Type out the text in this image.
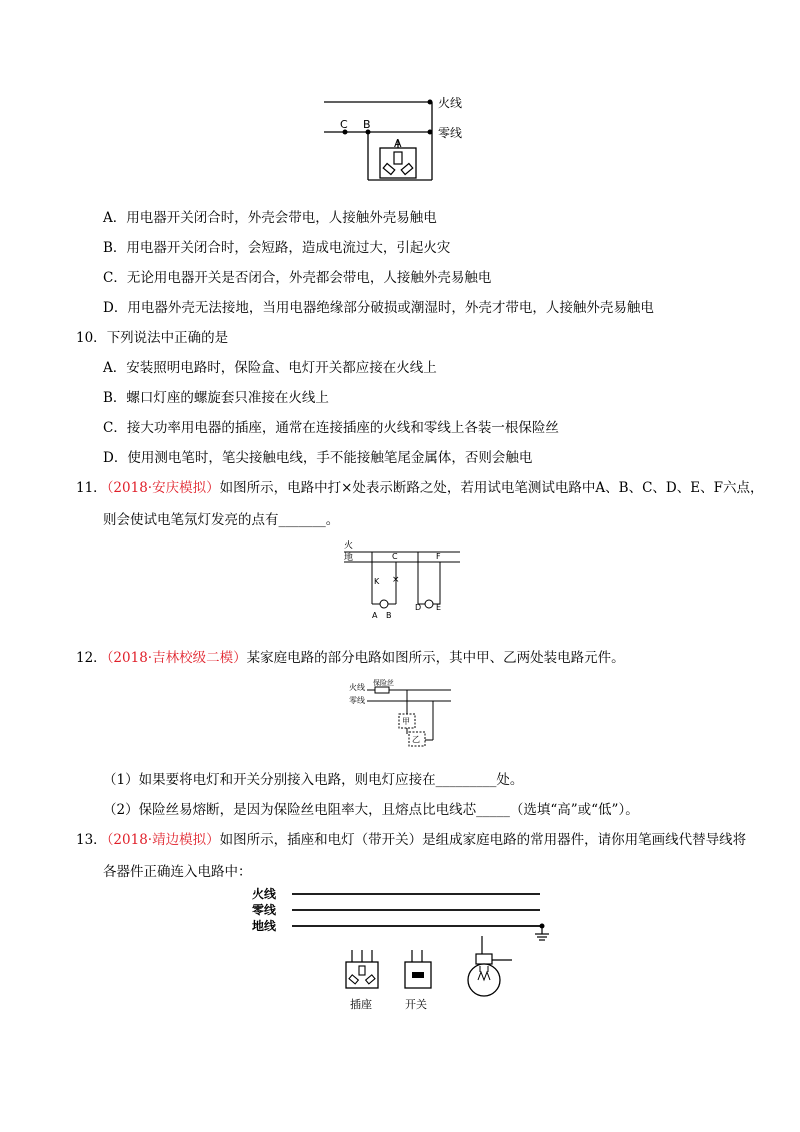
火线
零线
C B
A
A．用电器开关闭合时，外壳会带电，人接触外壳易触电
B．用电器开关闭合时，会短路，造成电流过大，引起火灾
C．无论用电器开关是否闭合，外壳都会带电，人接触外壳易触电
D．用电器外壳无法接地，当用电器绝缘部分破损或潮湿时，外壳才带电，人接触外壳易触电
10．下列说法中正确的是
A．安装照明电路时，保险盒、电灯开关都应接在火线上
B．螺口灯座的螺旋套只准接在火线上
C．接大功率用电器的插座，通常在连接插座的火线和零线上各装一根保险丝
D．使用测电笔时，笔尖接触电线，手不能接触笔尾金属体，否则会触电
11．（2018·安庆模拟）如图所示，电路中打×处表示断路之处，若用试电笔测试电路中A、B、C、D、E、F六点，
则会使试电笔氖灯发亮的点有_______。
火
地	C	F
K ×
A B
D E
12．（2018·吉林校级二模）某家庭电路的部分电路如图所示，其中甲、乙两处装电路元件。
火线
零线
保险丝
甲
乙
（1）如果要将电灯和开关分别接入电路，则电灯应接在_________处。
（2）保险丝易熔断，是因为保险丝电阻率大，且熔点比电线芯_____（选填“高”或“低”）。
13．（2018·靖边模拟）如图所示，插座和电灯（带开关）是组成家庭电路的常用器件，请你用笔画线代替导线将
各器件正确连入电路中：
火线
零线
地线
插座	开关
